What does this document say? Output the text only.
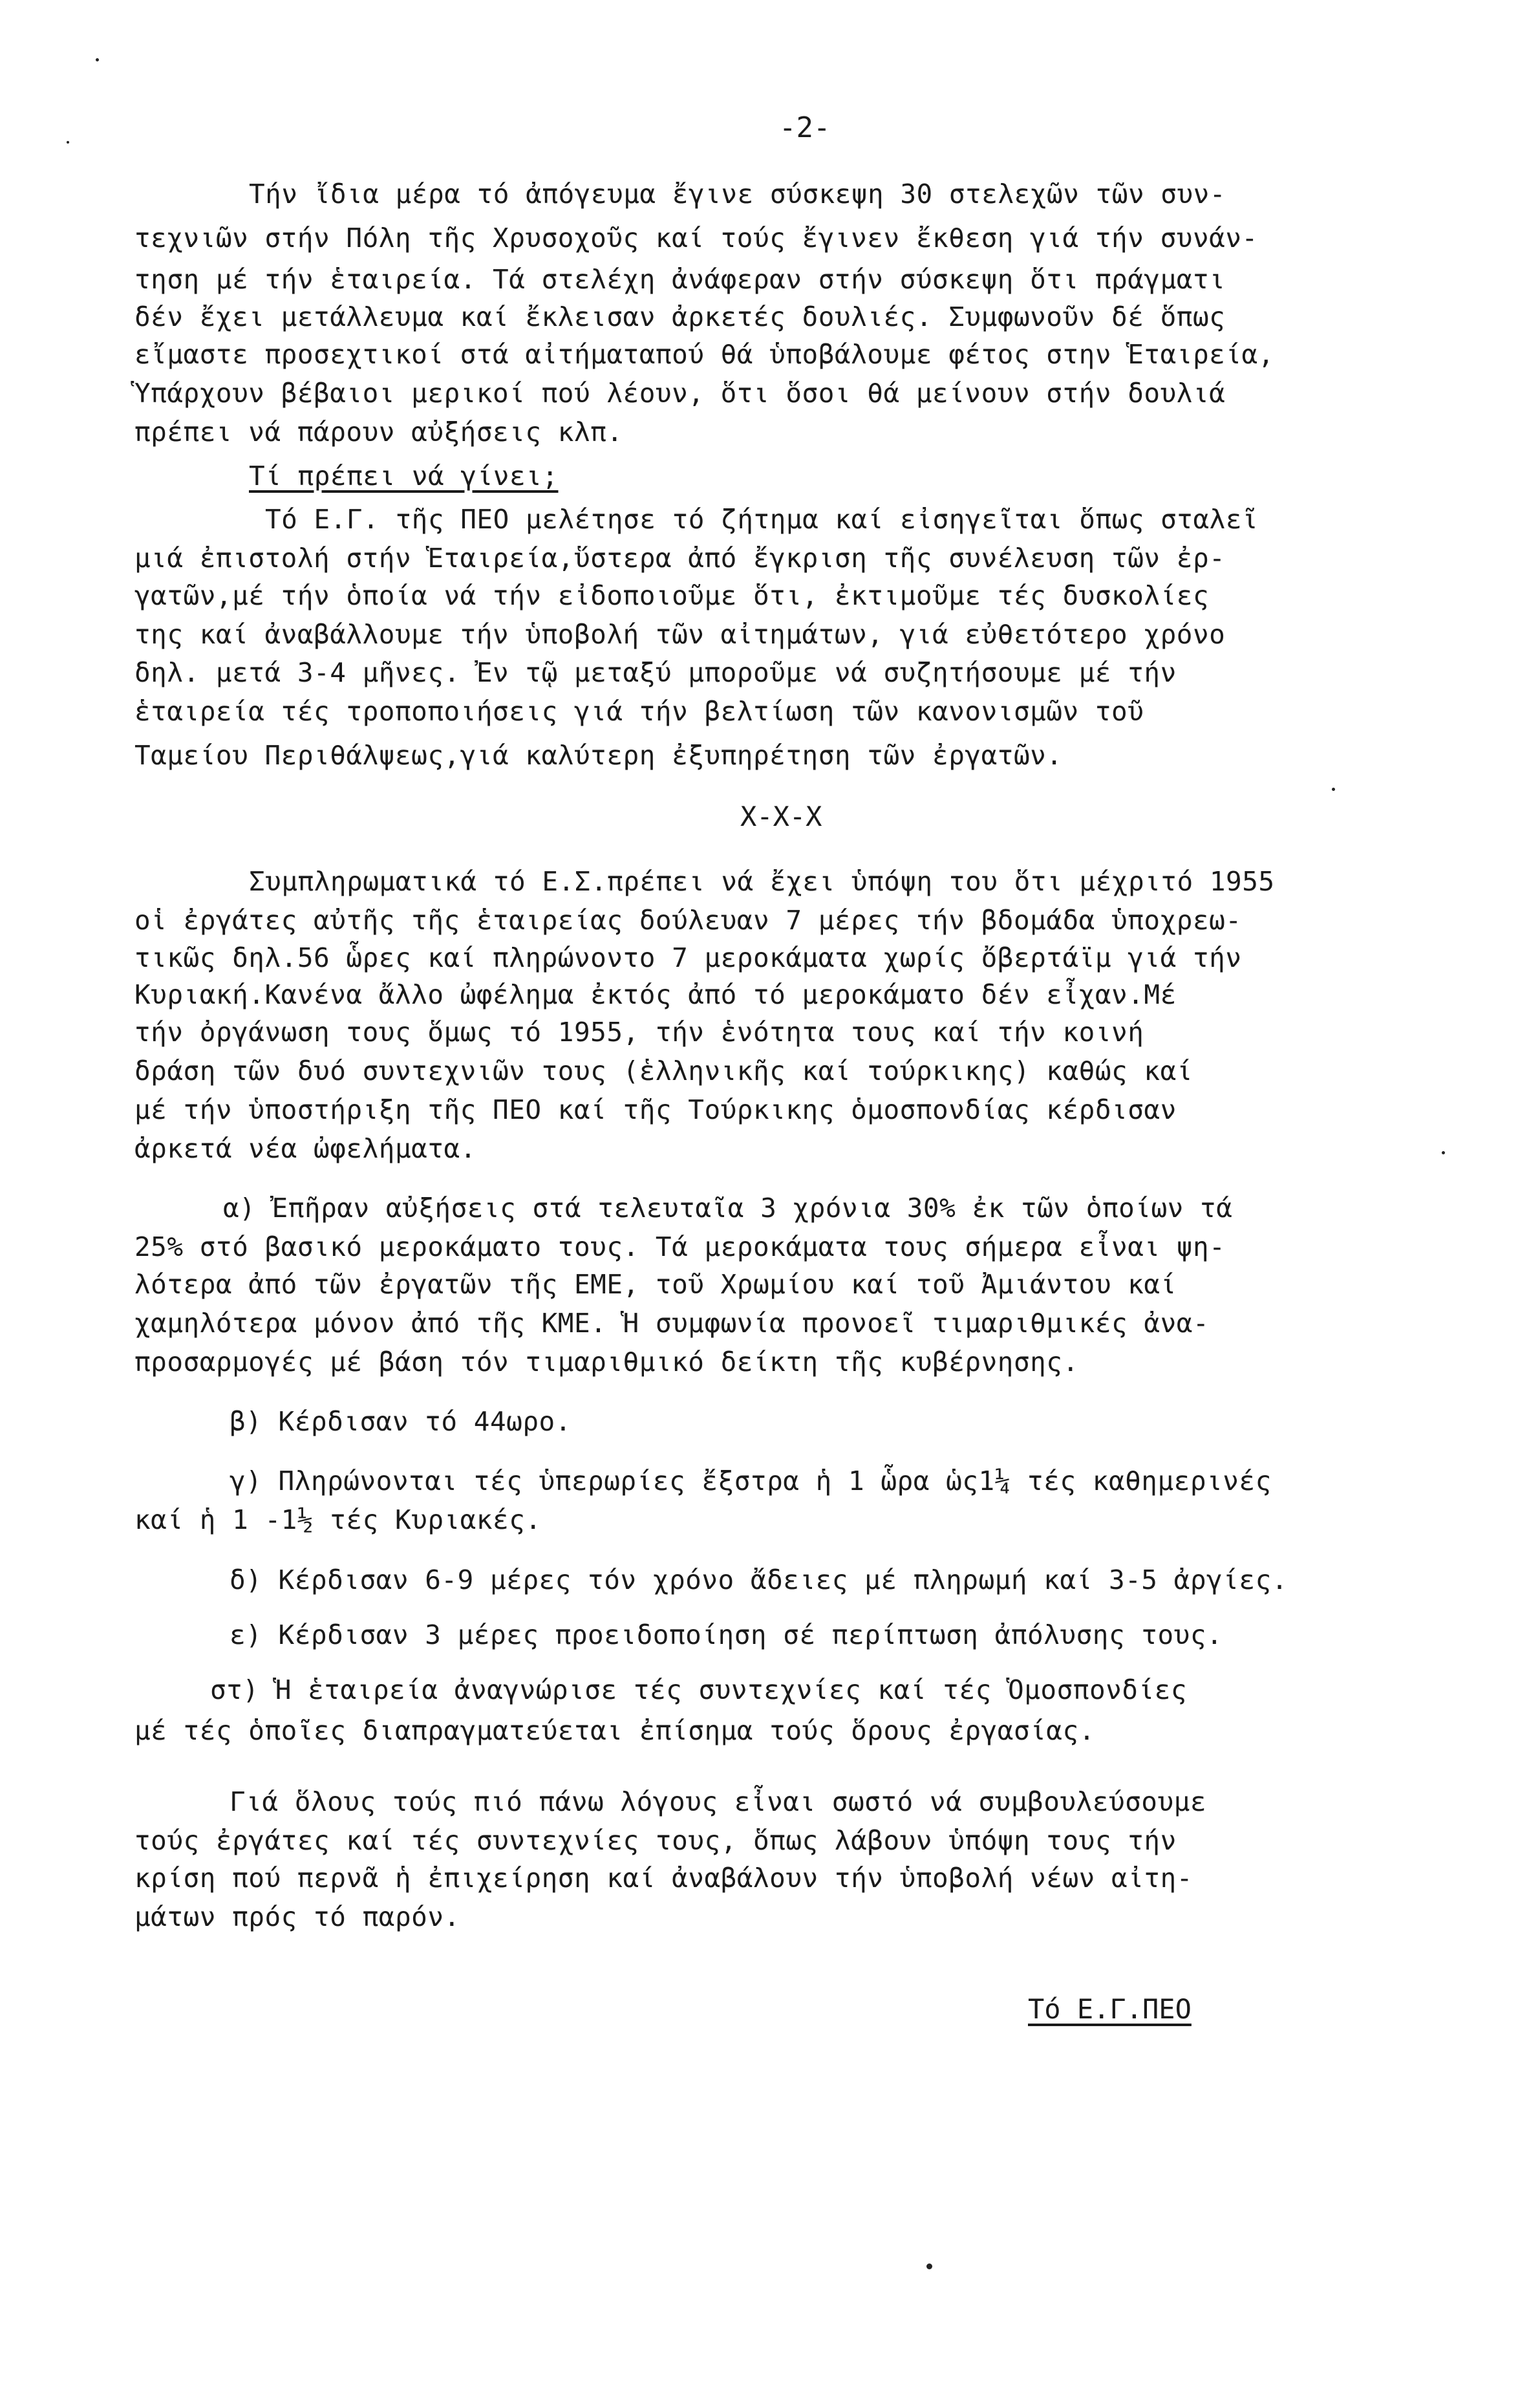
-2-
Τήν ἴδια μέρα τό ἀπόγευμα ἔγινε σύσκεψη 30 στελεχῶν τῶν συν-
τεχνιῶν στήν Πόλη τῆς Χρυσοχοῦς καί τούς ἔγινεν ἔκθεση γιά τήν συνάν-
τηση μέ τήν ἑταιρεία. Τά στελέχη ἀνάφεραν στήν σύσκεψη ὅτι πράγματι
δέν ἔχει μετάλλευμα καί ἔκλεισαν ἀρκετές δουλιές. Συμφωνοῦν δέ ὅπως
εἴμαστε προσεχτικοί στά αἰτήματαπού θά ὑποβάλουμε φέτος στην Ἑταιρεία,
Ὑπάρχουν βέβαιοι μερικοί πού λέουν, ὅτι ὅσοι θά μείνουν στήν δουλιά
πρέπει νά πάρουν αὐξήσεις κλπ.
Τί πρέπει νά γίνει;
Τό Ε.Γ. τῆς ΠΕΟ μελέτησε τό ζήτημα καί εἰσηγεῖται ὅπως σταλεῖ
μιά ἐπιστολή στήν Ἑταιρεία,ὕστερα ἀπό ἔγκριση τῆς συνέλευση τῶν ἐρ-
γατῶν,μέ τήν ὁποία νά τήν εἰδοποιοῦμε ὅτι, ἐκτιμοῦμε τές δυσκολίες
της καί ἀναβάλλουμε τήν ὑποβολή τῶν αἰτημάτων, γιά εὐθετότερο χρόνο
δηλ. μετά 3-4 μῆνες. Ἐν τῷ μεταξύ μποροῦμε νά συζητήσουμε μέ τήν
ἑταιρεία τές τροποποιήσεις γιά τήν βελτίωση τῶν κανονισμῶν τοῦ
Ταμείου Περιθάλψεως,γιά καλύτερη ἐξυπηρέτηση τῶν ἐργατῶν.
X-X-X
Συμπληρωματικά τό Ε.Σ.πρέπει νά ἔχει ὑπόψη του ὅτι μέχριτό 1955
οἱ ἐργάτες αὐτῆς τῆς ἑταιρείας δούλευαν 7 μέρες τήν βδομάδα ὑποχρεω-
τικῶς δηλ.56 ὧρες καί πληρώνοντο 7 μεροκάματα χωρίς ὄβερτάϊμ γιά τήν
Κυριακή.Κανένα ἄλλο ὠφέλημα ἐκτός ἀπό τό μεροκάματο δέν εἶχαν.Μέ
τήν ὀργάνωση τους ὅμως τό 1955, τήν ἑνότητα τους καί τήν κοινή
δράση τῶν δυό συντεχνιῶν τους (ἑλληνικῆς καί τούρκικης) καθώς καί
μέ τήν ὑποστήριξη τῆς ΠΕΟ καί τῆς Τούρκικης ὁμοσπονδίας κέρδισαν
ἀρκετά νέα ὠφελήματα.
α) Ἐπῆραν αὐξήσεις στά τελευταῖα 3 χρόνια 30% ἐκ τῶν ὁποίων τά
25% στό βασικό μεροκάματο τους. Τά μεροκάματα τους σήμερα εἶναι ψη-
λότερα ἀπό τῶν ἐργατῶν τῆς ΕΜΕ, τοῦ Χρωμίου καί τοῦ Ἀμιάντου καί
χαμηλότερα μόνον ἀπό τῆς ΚΜΕ. Ἡ συμφωνία προνοεῖ τιμαριθμικές ἀνα-
προσαρμογές μέ βάση τόν τιμαριθμικό δείκτη τῆς κυβέρνησης.
β) Κέρδισαν τό 44ωρο.
γ) Πληρώνονται τές ὑπερωρίες ἔξστρα ἡ 1 ὧρα ὡς1¼ τές καθημερινές
καί ἡ 1 -1½ τές Κυριακές.
δ) Κέρδισαν 6-9 μέρες τόν χρόνο ἄδειες μέ πληρωμή καί 3-5 ἀργίες.
ε) Κέρδισαν 3 μέρες προειδοποίηση σέ περίπτωση ἀπόλυσης τους.
στ) Ἡ ἑταιρεία ἀναγνώρισε τές συντεχνίες καί τές Ὁμοσπονδίες
μέ τές ὁποῖες διαπραγματεύεται ἐπίσημα τούς ὅρους ἐργασίας.
Γιά ὅλους τούς πιό πάνω λόγους εἶναι σωστό νά συμβουλεύσουμε
τούς ἐργάτες καί τές συντεχνίες τους, ὅπως λάβουν ὑπόψη τους τήν
κρίση πού περνᾶ ἡ ἐπιχείρηση καί ἀναβάλουν τήν ὑποβολή νέων αἰτη-
μάτων πρός τό παρόν.
Τό Ε.Γ.ΠΕΟ
